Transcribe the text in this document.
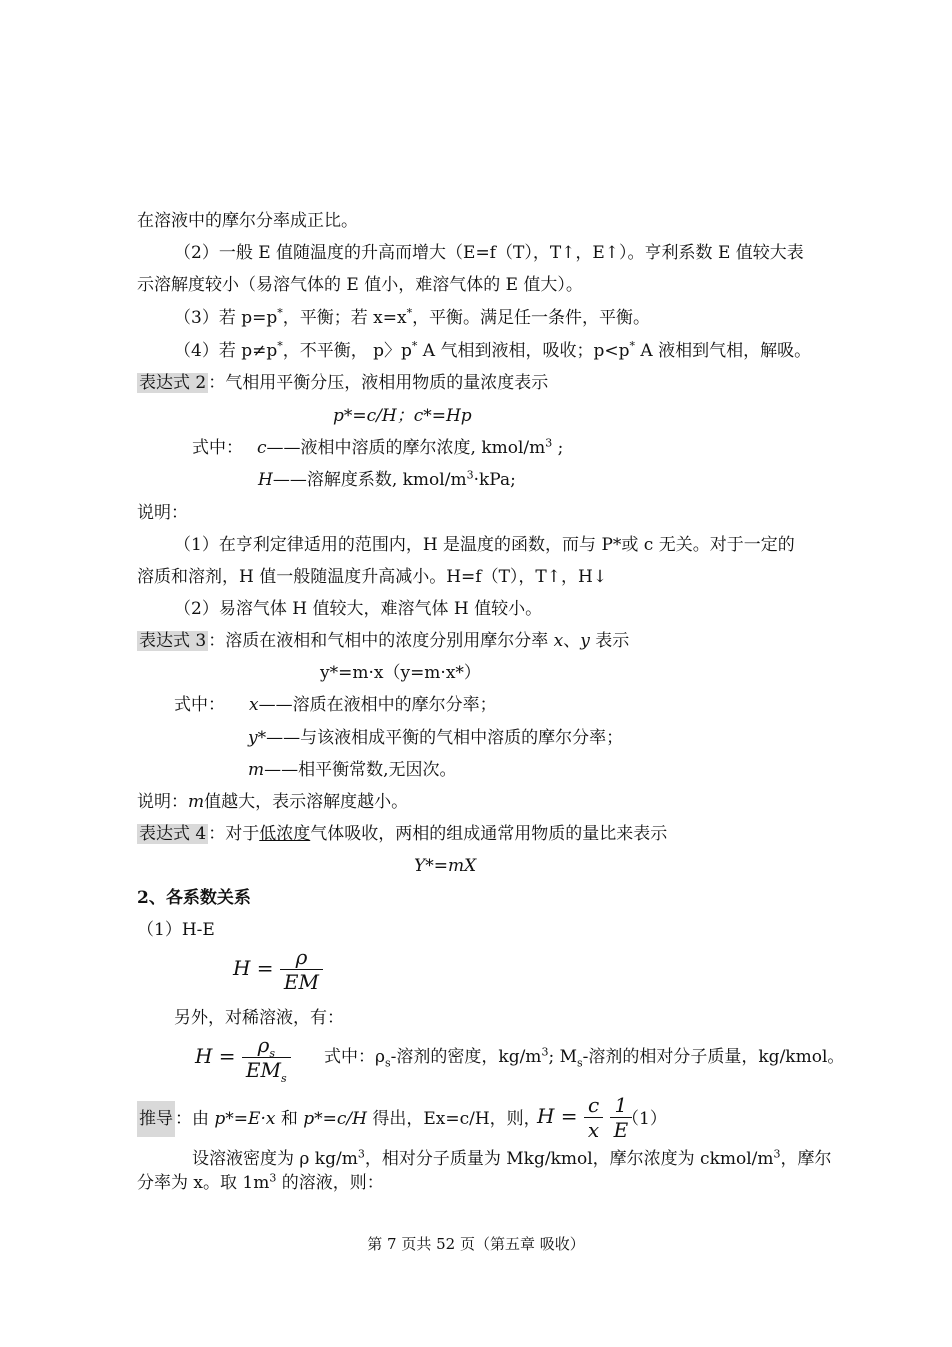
在溶液中的摩尔分率成正比。
（2）一般 E 值随温度的升高而增大（E=f（T），T↑，E↑）。亨利系数 E 值较大表
示溶解度较小（易溶气体的 E 值小，难溶气体的 E 值大）。
（3）若 p=p*，平衡；若 x=x*，平衡。满足任一条件，平衡。
（4）若 p≠p*，不平衡， p〉p* A 气相到液相，吸收；p<p* A 液相到气相，解吸。
表达式 2 ：气相用平衡分压，液相用物质的量浓度表示
p*=c/H；c*=Hp
式中： c——液相中溶质的摩尔浓度, kmol/$m^3$ ;
H——溶解度系数, kmol/$m^3\cdot kPa$;
说明：
（1）在亨利定律适用的范围内，H 是温度的函数，而与 P*或 c 无关。对于一定的
溶质和溶剂，H 值一般随温度升高减小。H=f（T），T↑，H↓
（2）易溶气体 H 值较大，难溶气体 H 值较小。
表达式 3 ：溶质在液相和气相中的浓度分别用摩尔分率 x、y 表示
y*=m·x（y=m·x*）
式中： x——溶质在液相中的摩尔分率；
y*——与该液相成平衡的气相中溶质的摩尔分率；
m——相平衡常数,无因次。
说明：m值越大，表示溶解度越小。
表达式 4 ：对于低浓度气体吸收，两相的组成通常用物质的量比来表示
Y*=mX
2、各系数关系
（1）H-E
$H = \frac{\rho}{EM}$
另外，对稀溶液，有：
$H = \frac{\rho_s}{EM_s}$ 式中：$\rho_s-$溶剂的密度，$kg/m^3$; $M_s-$溶剂的相对分子质量，kg/kmol。
推导 ：由 p*=E·x 和 p*=c/H 得出，Ex=c/H，则，
$H = \frac{c}{x}$
$\frac{1}{E}$
（1）
设溶液密度为 ρ $kg/m^3$，相对分子质量为 Mkg/kmol，摩尔浓度为 ckmol/$m^3$，摩尔
分率为 x。取 $1m^3$ 的溶液，则：
第 7 页共 52 页（第五章 吸收）
